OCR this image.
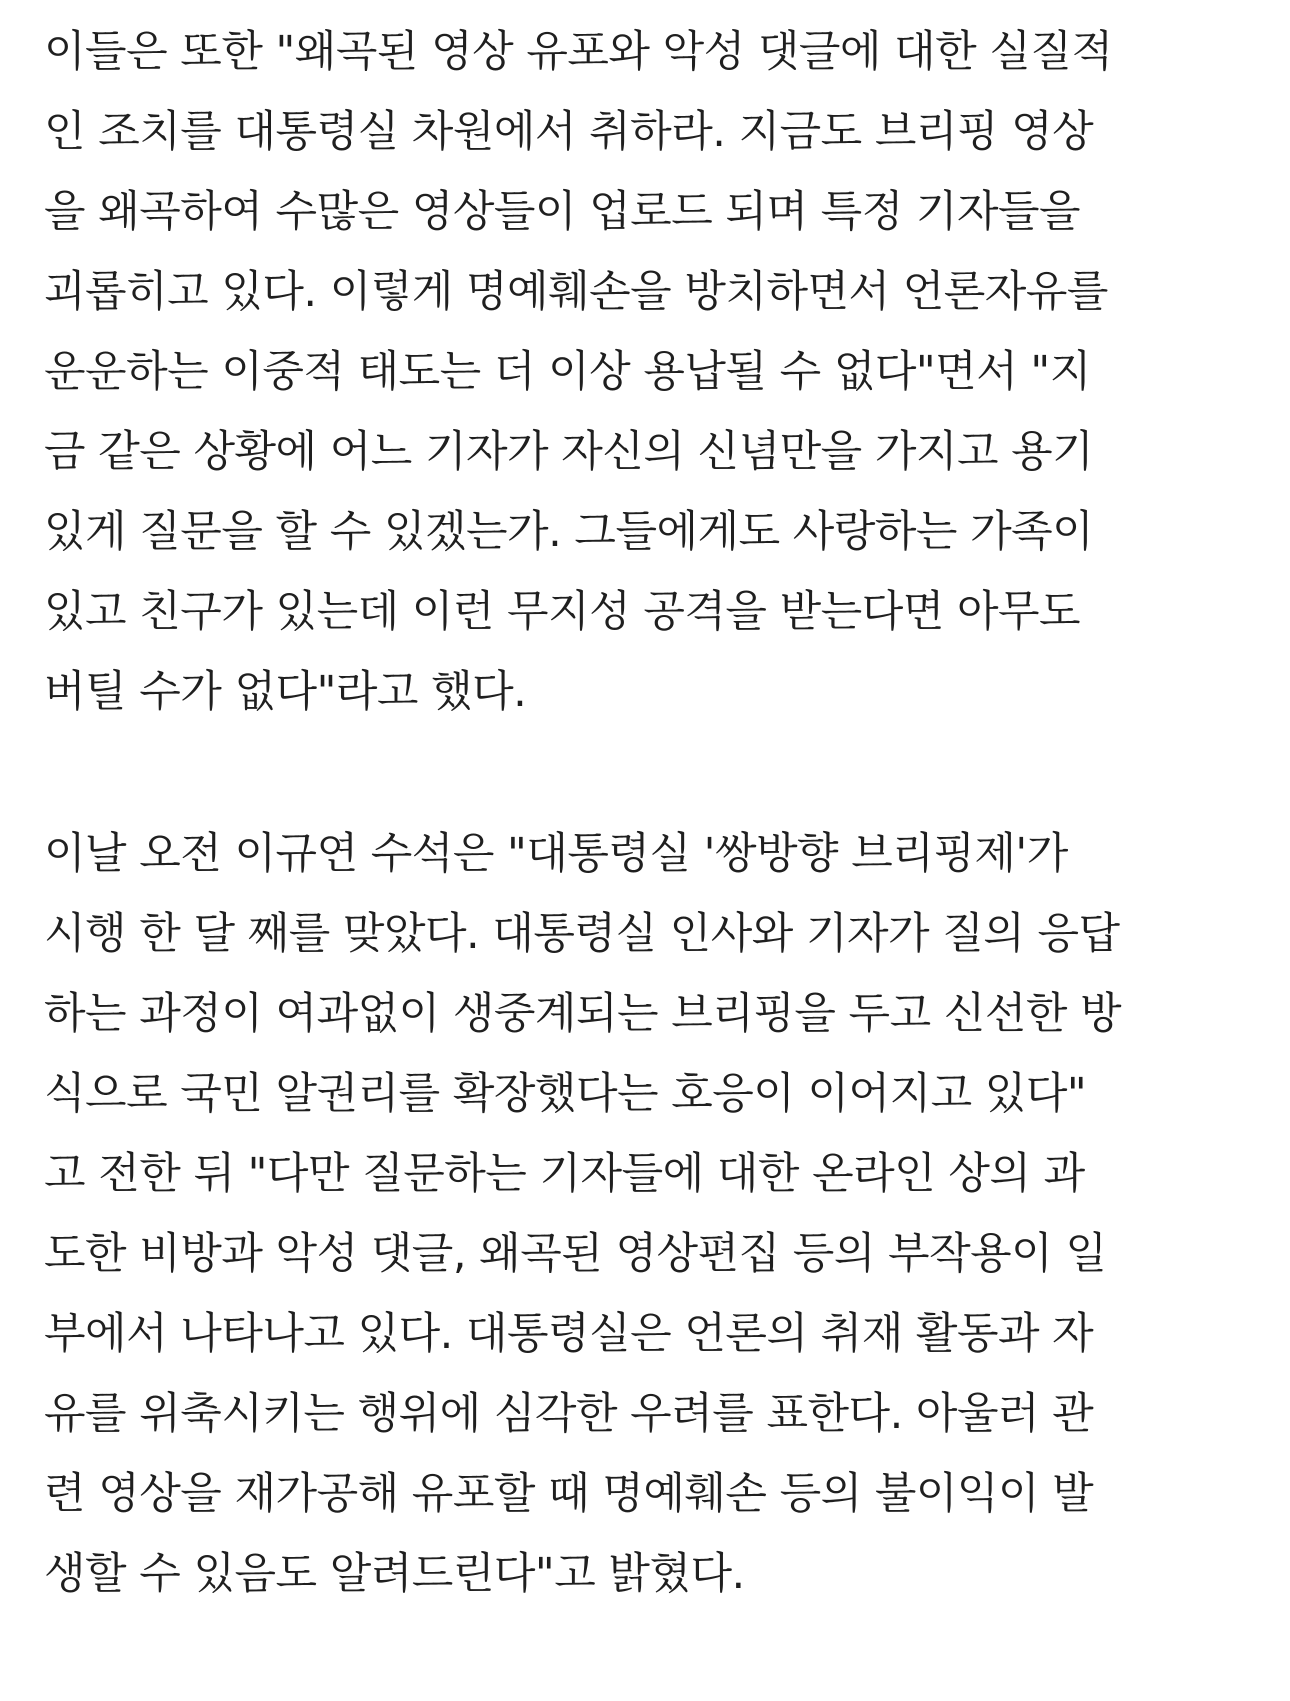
이들은 또한 "왜곡된 영상 유포와 악성 댓글에 대한 실질적
인 조치를 대통령실 차원에서 취하라. 지금도 브리핑 영상
을 왜곡하여 수많은 영상들이 업로드 되며 특정 기자들을
괴롭히고 있다. 이렇게 명예훼손을 방치하면서 언론자유를
운운하는 이중적 태도는 더 이상 용납될 수 없다"면서 "지
금 같은 상황에 어느 기자가 자신의 신념만을 가지고 용기
있게 질문을 할 수 있겠는가. 그들에게도 사랑하는 가족이
있고 친구가 있는데 이런 무지성 공격을 받는다면 아무도
버틸 수가 없다"라고 했다.

이날 오전 이규연 수석은 "대통령실 '쌍방향 브리핑제'가
시행 한 달 째를 맞았다. 대통령실 인사와 기자가 질의 응답
하는 과정이 여과없이 생중계되는 브리핑을 두고 신선한 방
식으로 국민 알권리를 확장했다는 호응이 이어지고 있다"
고 전한 뒤 "다만 질문하는 기자들에 대한 온라인 상의 과
도한 비방과 악성 댓글, 왜곡된 영상편집 등의 부작용이 일
부에서 나타나고 있다. 대통령실은 언론의 취재 활동과 자
유를 위축시키는 행위에 심각한 우려를 표한다. 아울러 관
련 영상을 재가공해 유포할 때 명예훼손 등의 불이익이 발
생할 수 있음도 알려드린다"고 밝혔다.
